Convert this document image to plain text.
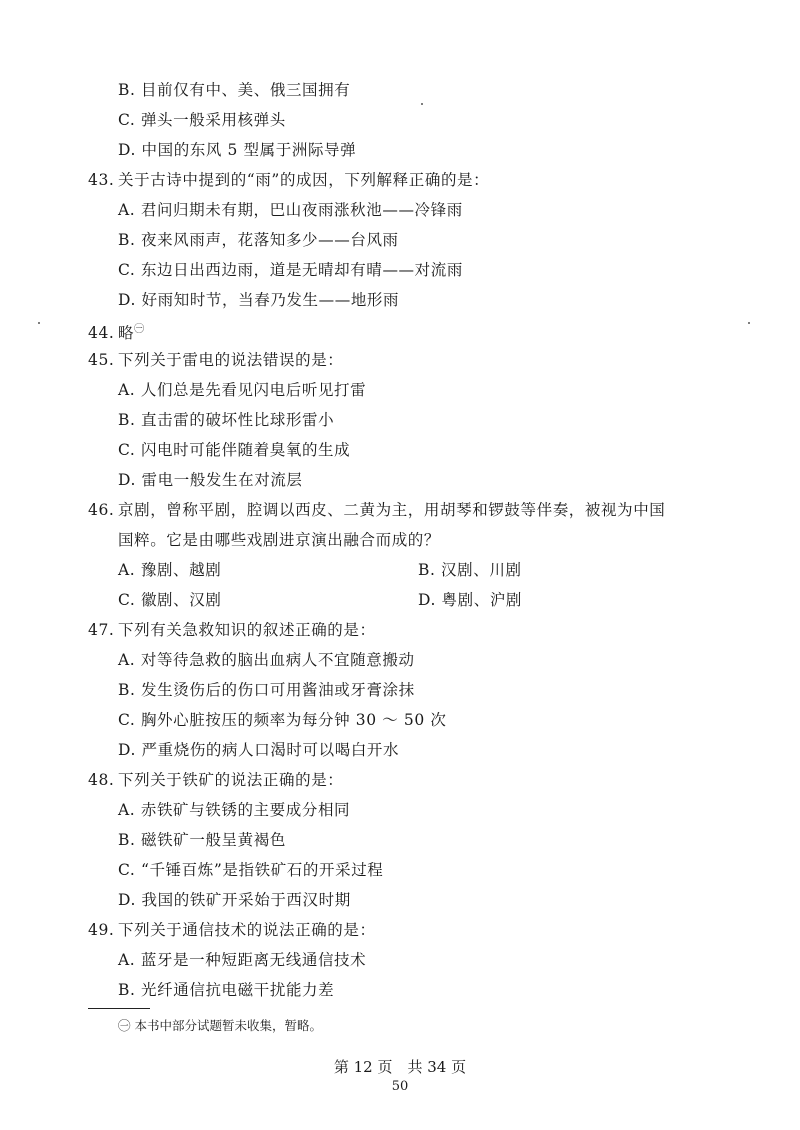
B. 目前仅有中、美、俄三国拥有
C. 弹头一般采用核弹头
D. 中国的东风 5 型属于洲际导弹
43. 关于古诗中提到的“雨”的成因，下列解释正确的是：
A. 君问归期未有期，巴山夜雨涨秋池——冷锋雨
B. 夜来风雨声，花落知多少——台风雨
C. 东边日出西边雨，道是无晴却有晴——对流雨
D. 好雨知时节，当春乃发生——地形雨
44. 略$^㊀$
45. 下列关于雷电的说法错误的是：
A. 人们总是先看见闪电后听见打雷
B. 直击雷的破坏性比球形雷小
C. 闪电时可能伴随着臭氧的生成
D. 雷电一般发生在对流层
46. 京剧，曾称平剧，腔调以西皮、二黄为主，用胡琴和锣鼓等伴奏，被视为中国
国粹。它是由哪些戏剧进京演出融合而成的？
A. 豫剧、越剧	B. 汉剧、川剧
C. 徽剧、汉剧	D. 粤剧、沪剧
47. 下列有关急救知识的叙述正确的是：
A. 对等待急救的脑出血病人不宜随意搬动
B. 发生烫伤后的伤口可用酱油或牙膏涂抹
C. 胸外心脏按压的频率为每分钟 30 ～ 50 次
D. 严重烧伤的病人口渴时可以喝白开水
48. 下列关于铁矿的说法正确的是：
A. 赤铁矿与铁锈的主要成分相同
B. 磁铁矿一般呈黄褐色
C. “千锤百炼”是指铁矿石的开采过程
D. 我国的铁矿开采始于西汉时期
49. 下列关于通信技术的说法正确的是：
A. 蓝牙是一种短距离无线通信技术
B. 光纤通信抗电磁干扰能力差
㊀ 本书中部分试题暂未收集，暂略。
第 12 页　共 34 页
50
